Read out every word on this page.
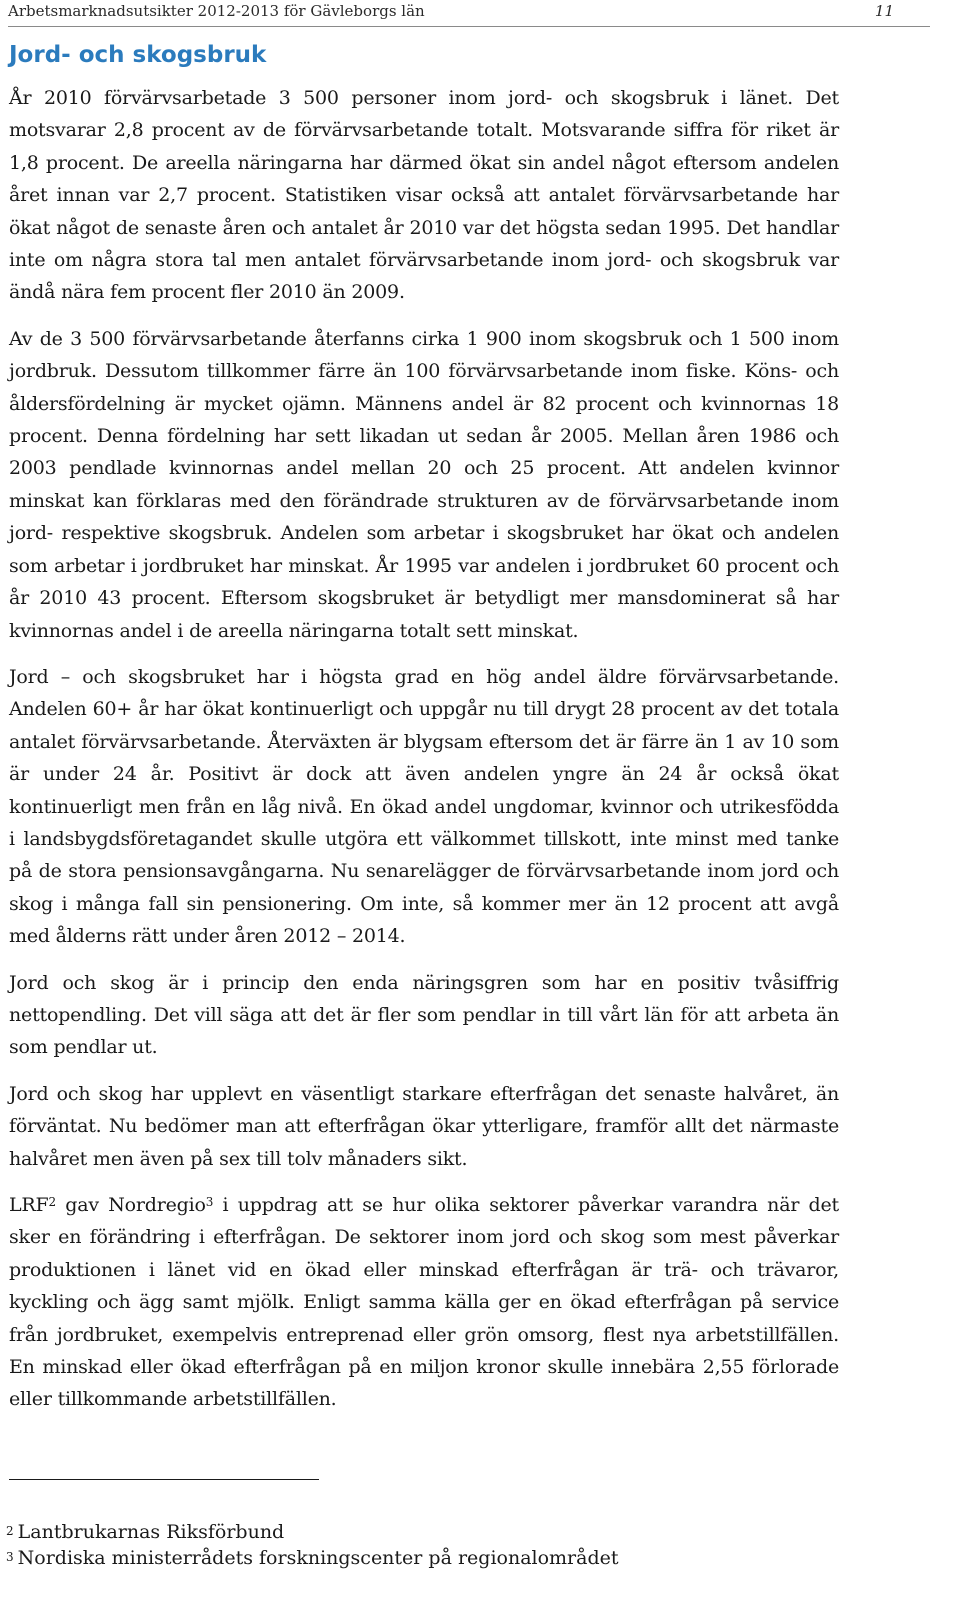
Arbetsmarknadsutsikter 2012-2013 för Gävleborgs län	11
Jord- och skogsbruk

År 2010 förvärvsarbetade 3 500 personer inom jord- och skogsbruk i länet. Det motsvarar 2,8 procent av de förvärvsarbetande totalt. Motsvarande siffra för riket är 1,8 procent. De areella näringarna har därmed ökat sin andel något eftersom andelen året innan var 2,7 procent. Statistiken visar också att antalet förvärvsarbetande har ökat något de senaste åren och antalet år 2010 var det högsta sedan 1995. Det handlar inte om några stora tal men antalet förvärvsarbetande inom jord- och skogsbruk var ändå nära fem procent fler 2010 än 2009.

Av de 3 500 förvärvsarbetande återfanns cirka 1 900 inom skogsbruk och 1 500 inom jordbruk. Dessutom tillkommer färre än 100 förvärvsarbetande inom fiske. Köns- och åldersfördelning är mycket ojämn. Männens andel är 82 procent och kvinnornas 18 procent. Denna fördelning har sett likadan ut sedan år 2005. Mellan åren 1986 och 2003 pendlade kvinnornas andel mellan 20 och 25 procent. Att andelen kvinnor minskat kan förklaras med den förändrade strukturen av de förvärvsarbetande inom jord- respektive skogsbruk. Andelen som arbetar i skogsbruket har ökat och andelen som arbetar i jordbruket har minskat. År 1995 var andelen i jordbruket 60 procent och år 2010 43 procent. Eftersom skogsbruket är betydligt mer mansdominerat så har kvinnornas andel i de areella näringarna totalt sett minskat.

Jord – och skogsbruket har i högsta grad en hög andel äldre förvärvsarbetande. Andelen 60+ år har ökat kontinuerligt och uppgår nu till drygt 28 procent av det totala antalet förvärvsarbetande. Återväxten är blygsam eftersom det är färre än 1 av 10 som är under 24 år. Positivt är dock att även andelen yngre än 24 år också ökat kontinuerligt men från en låg nivå. En ökad andel ungdomar, kvinnor och utrikesfödda i landsbygdsföretagandet skulle utgöra ett välkommet tillskott, inte minst med tanke på de stora pensionsavgångarna. Nu senarelägger de förvärvsarbetande inom jord och skog i många fall sin pensionering. Om inte, så kommer mer än 12 procent att avgå med ålderns rätt under åren 2012 – 2014.

Jord och skog är i princip den enda näringsgren som har en positiv tvåsiffrig nettopendling. Det vill säga att det är fler som pendlar in till vårt län för att arbeta än som pendlar ut.

Jord och skog har upplevt en väsentligt starkare efterfrågan det senaste halvåret, än förväntat. Nu bedömer man att efterfrågan ökar ytterligare, framför allt det närmaste halvåret men även på sex till tolv månaders sikt.

LRF$^2$ gav Nordregio$^3$ i uppdrag att se hur olika sektorer påverkar varandra när det sker en förändring i efterfrågan. De sektorer inom jord och skog som mest påverkar produktionen i länet vid en ökad eller minskad efterfrågan är trä- och trävaror, kyckling och ägg samt mjölk. Enligt samma källa ger en ökad efterfrågan på service från jordbruket, exempelvis entreprenad eller grön omsorg, flest nya arbetstillfällen. En minskad eller ökad efterfrågan på en miljon kronor skulle innebära 2,55 förlorade eller tillkommande arbetstillfällen.

2 Lantbrukarnas Riksförbund
3 Nordiska ministerrådets forskningscenter på regionalområdet
